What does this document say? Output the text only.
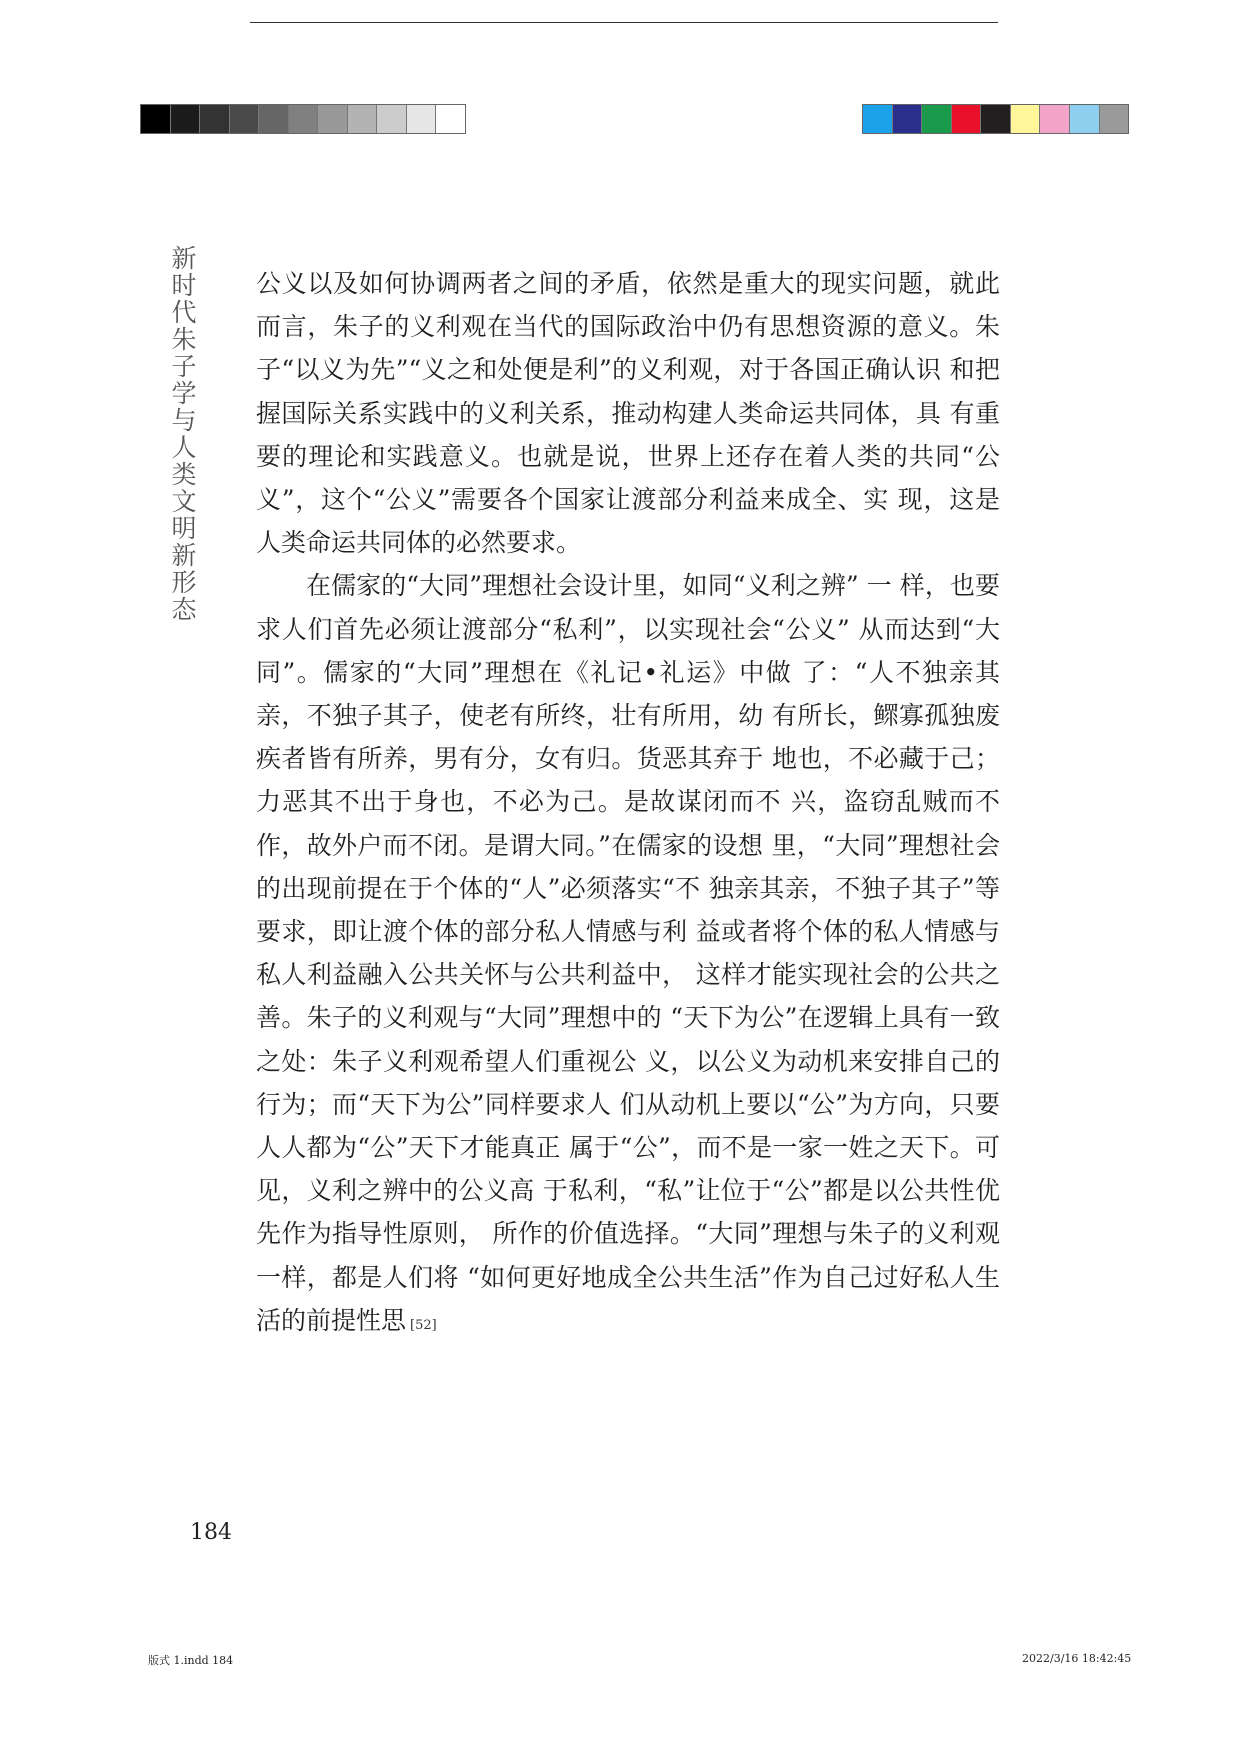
新时代朱子学与人类文明新形态 公义以及如何协调两者之间的矛盾，依然是重大的现实问题，就此 而言，朱子的义利观在当代的国际政治中仍有思想资源的意义。朱 子“以义为先”“义之和处便是利”的义利观，对于各国正确认识 和把握国际关系实践中的义利关系，推动构建人类命运共同体，具 有重要的理论和实践意义。也就是说，世界上还存在着人类的共同“公义”，这个“公义”需要各个国家让渡部分利益来成全、实 现，这是人类命运共同体的必然要求。

在儒家的“大同”理想社会设计里，如同“义利之辨” 一 样，也要求人们首先必须让渡部分“私利”，以实现社会“公义” 从而达到“大同”。儒家的“大同”理想在《礼记•礼运》中做 了：“人不独亲其亲，不独子其子，使老有所终，壮有所用，幼 有所长，鳏寡孤独废疾者皆有所养，男有分，女有归。货恶其弃于 地也，不必藏于己；力恶其不出于身也，不必为己。是故谋闭而不 兴，盗窃乱贼而不作，故外户而不闭。是谓大同。”在儒家的设想 里，“大同”理想社会的出现前提在于个体的“人”必须落实“不 独亲其亲，不独子其子”等要求，即让渡个体的部分私人情感与利 益或者将个体的私人情感与私人利益融入公共关怀与公共利益中， 这样才能实现社会的公共之善。朱子的义利观与“大同”理想中的 “天下为公”在逻辑上具有一致之处：朱子义利观希望人们重视公 义，以公义为动机来安排自己的行为；而“天下为公”同样要求人 们从动机上要以“公”为方向，只要人人都为“公”天下才能真正 属于“公”，而不是一家一姓之天下。可见，义利之辨中的公义高 于私利，“私”让位于“公”都是以公共性优先作为指导性原则， 所作的价值选择。“大同”理想与朱子的义利观一样，都是人们将 “如何更好地成全公共生活”作为自己过好私人生活的前提性思 [52]

184
版式 1.indd 184	2022/3/16 18:42:45
